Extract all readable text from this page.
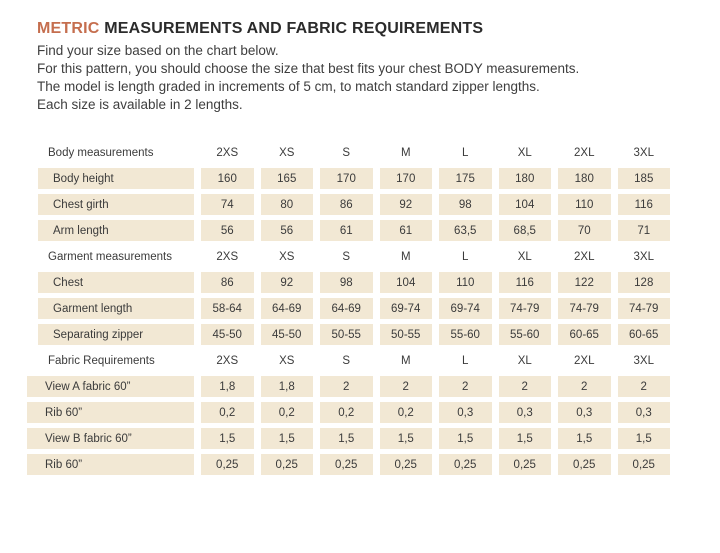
METRIC MEASUREMENTS AND FABRIC REQUIREMENTS

Find your size based on the chart below.

For this pattern, you should choose the size that best fits your chest BODY measurements.

The model is length graded in increments of 5 cm, to match standard zipper lengths.

Each size is available in 2 lengths.

Body measurements	2XS	XS	S	M	L	XL	2XL	3XL
Body height	160	165	170	170	175	180	180	185
Chest girth	74	80	86	92	98	104	110	116
Arm length	56	56	61	61	63,5	68,5	70	71
Garment measurements	2XS	XS	S	M	L	XL	2XL	3XL
Chest	86	92	98	104	110	116	122	128
Garment length	58-64	64-69	64-69	69-74	69-74	74-79	74-79	74-79
Separating zipper	45-50	45-50	50-55	50-55	55-60	55-60	60-65	60-65
Fabric Requirements	2XS	XS	S	M	L	XL	2XL	3XL
View A fabric 60”	1,8	1,8	2	2	2	2	2	2
Rib 60”	0,2	0,2	0,2	0,2	0,3	0,3	0,3	0,3
View B fabric 60”	1,5	1,5	1,5	1,5	1,5	1,5	1,5	1,5
Rib 60”	0,25	0,25	0,25	0,25	0,25	0,25	0,25	0,25
